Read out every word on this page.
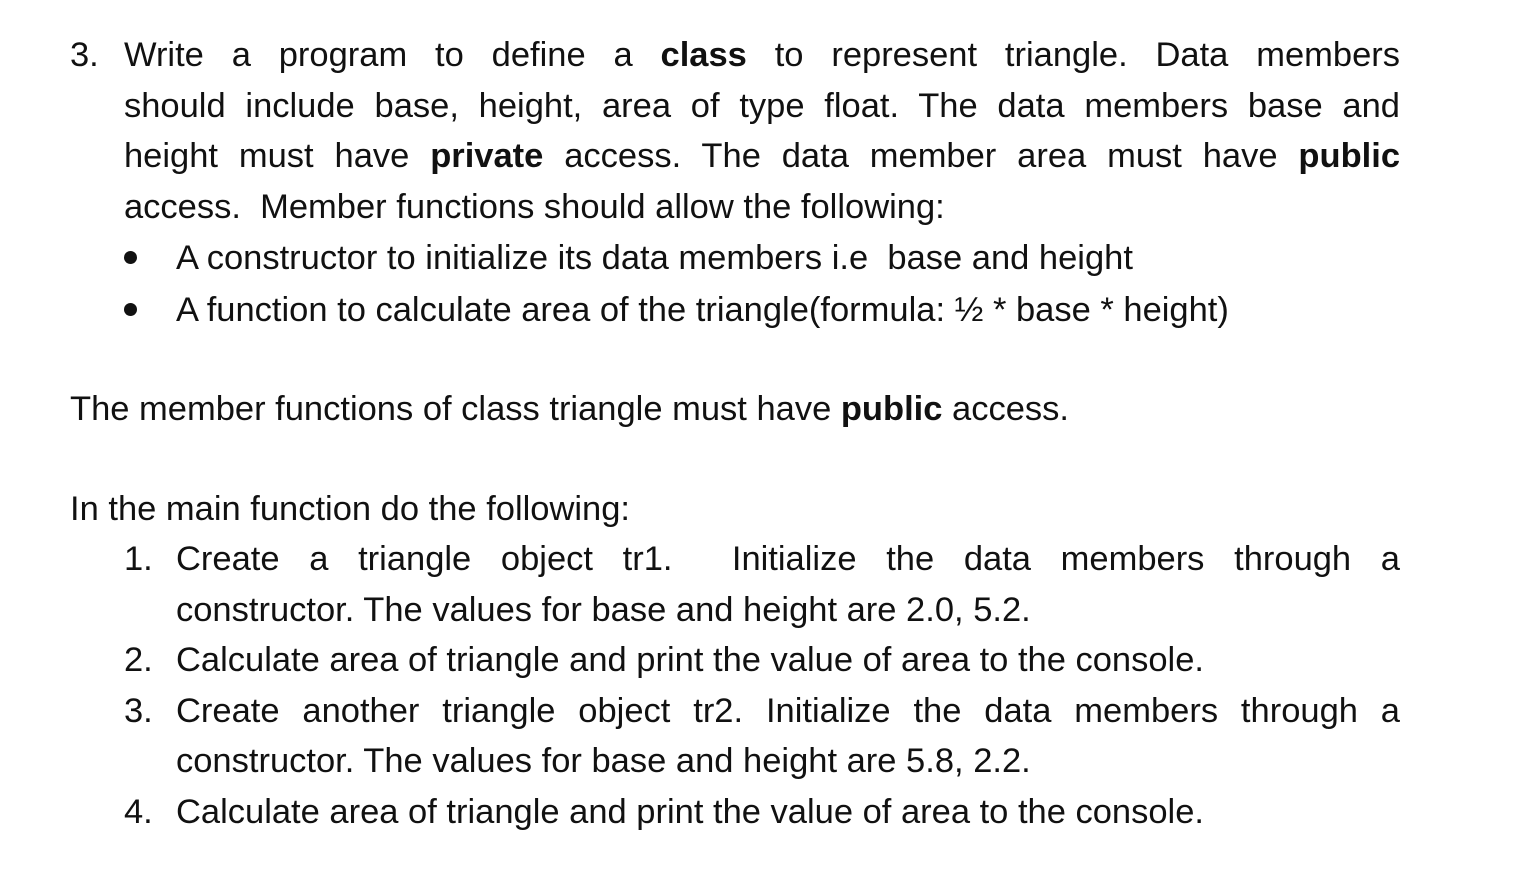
3. Write a program to define a class to represent triangle. Data members
should include base, height, area of type float. The data members base and
height must have private access. The data member area must have public
access.  Member functions should allow the following:
A constructor to initialize its data members i.e  base and height
A function to calculate area of the triangle(formula: ½ * base * height)
The member functions of class triangle must have public access.
In the main function do the following:
1. Create a triangle object tr1.  Initialize the data members through a
constructor. The values for base and height are 2.0, 5.2.
2. Calculate area of triangle and print the value of area to the console.
3. Create another triangle object tr2. Initialize the data members through a
constructor. The values for base and height are 5.8, 2.2.
4. Calculate area of triangle and print the value of area to the console.
